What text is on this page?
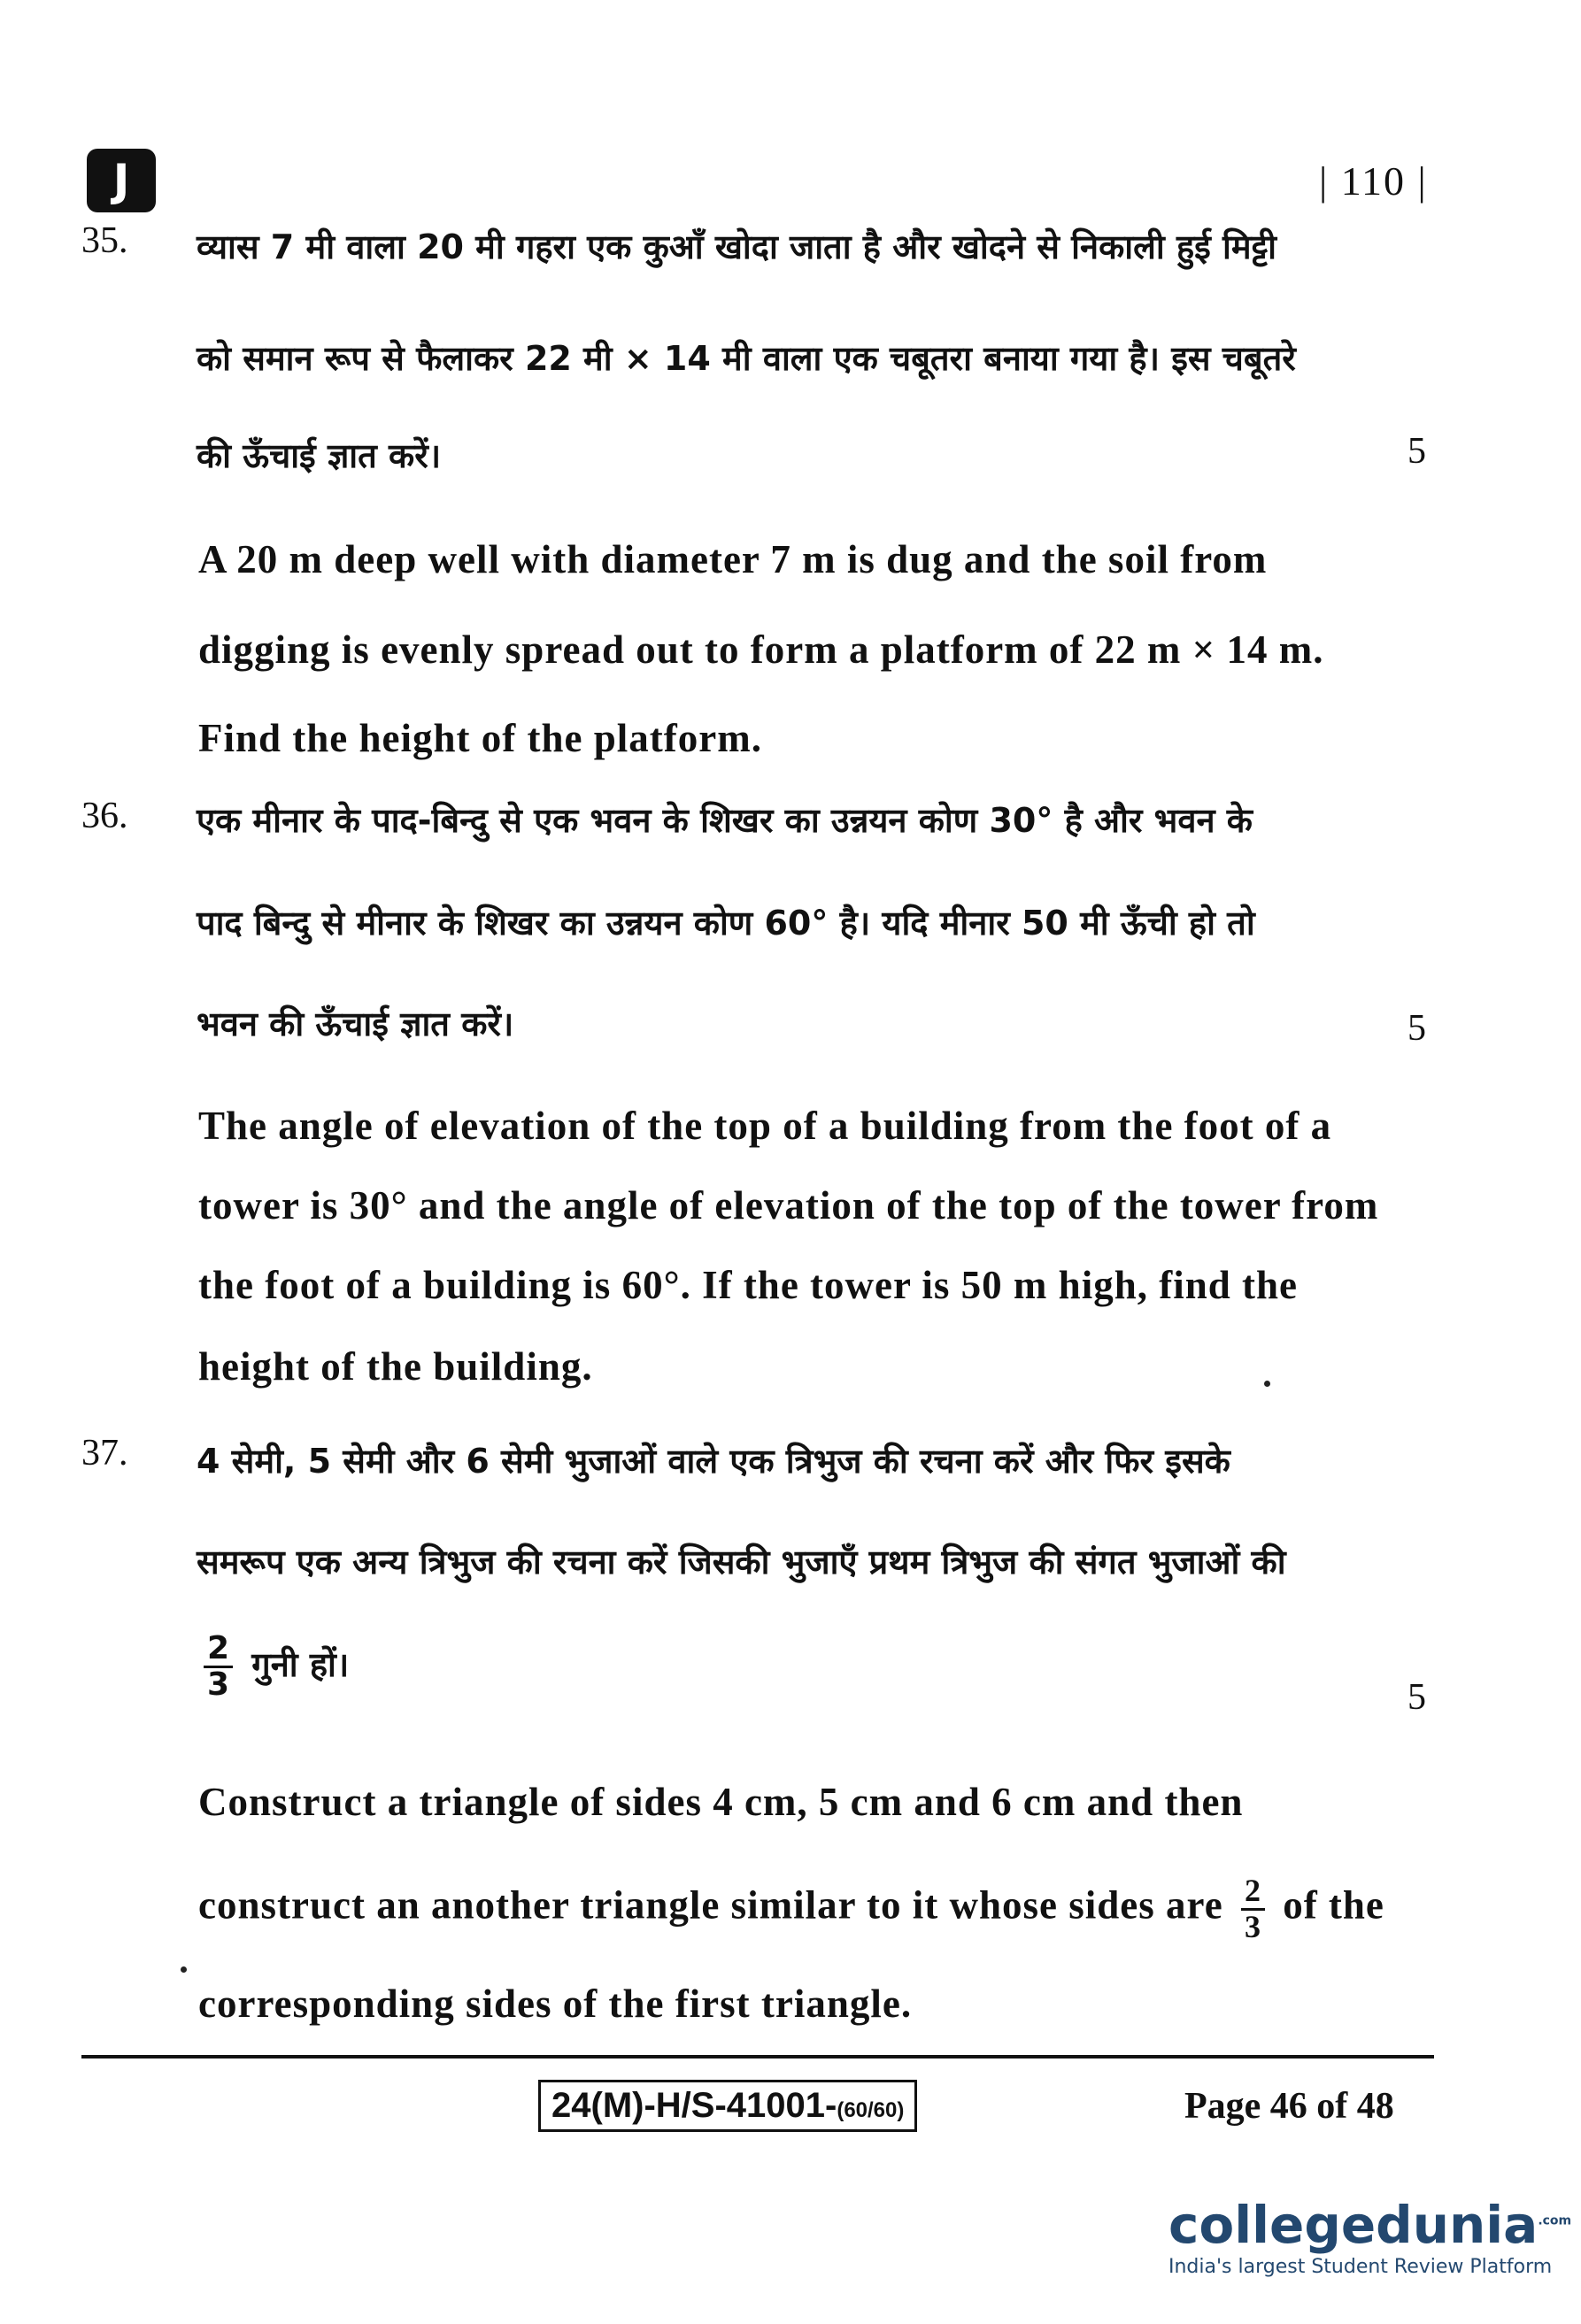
J	| 110 |
35. व्यास 7 मी वाला 20 मी गहरा एक कुआँ खोदा जाता है और खोदने से निकाली हुई मिट्टी
को समान रूप से फैलाकर 22 मी × 14 मी वाला एक चबूतरा बनाया गया है। इस चबूतरे
की ऊँचाई ज्ञात करें।	5
A 20 m deep well with diameter 7 m is dug and the soil from
digging is evenly spread out to form a platform of 22 m × 14 m.
Find the height of the platform.
36. एक मीनार के पाद-बिन्दु से एक भवन के शिखर का उन्नयन कोण 30° है और भवन के
पाद बिन्दु से मीनार के शिखर का उन्नयन कोण 60° है। यदि मीनार 50 मी ऊँची हो तो
भवन की ऊँचाई ज्ञात करें।	5
The angle of elevation of the top of a building from the foot of a
tower is 30° and the angle of elevation of the top of the tower from
the foot of a building is 60°. If the tower is 50 m high, find the
height of the building.
37. 4 सेमी, 5 सेमी और 6 सेमी भुजाओं वाले एक त्रिभुज की रचना करें और फिर इसके
समरूप एक अन्य त्रिभुज की रचना करें जिसकी भुजाएँ प्रथम त्रिभुज की संगत भुजाओं की
$\frac{2}{3}$ गुनी हों।
5
Construct a triangle of sides 4 cm, 5 cm and 6 cm and then
construct an another triangle similar to it whose sides are $\frac{2}{3}$ of the
corresponding sides of the first triangle.
24(M)-H/S-41001-(60/60)	Page 46 of 48
collegedunia$^{.com}$
India's largest Student Review Platform
